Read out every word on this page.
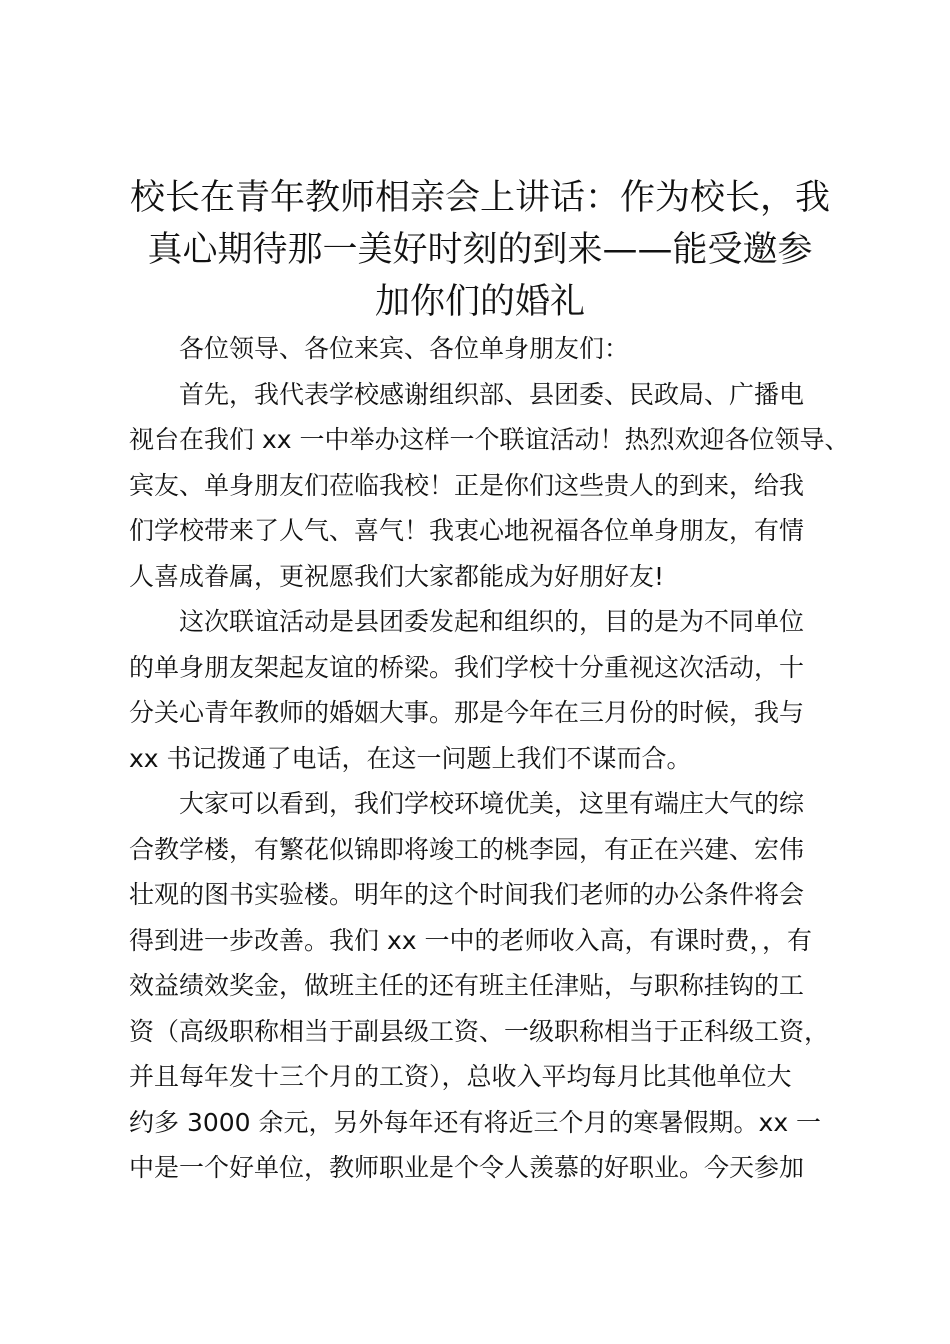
校长在青年教师相亲会上讲话：作为校长，我
真心期待那一美好时刻的到来——能受邀参
加你们的婚礼
各位领导、各位来宾、各位单身朋友们：
首先，我代表学校感谢组织部、县团委、民政局、广播电
视台在我们 xx 一中举办这样一个联谊活动！热烈欢迎各位领导、
宾友、单身朋友们莅临我校！正是你们这些贵人的到来，给我
们学校带来了人气、喜气！我衷心地祝福各位单身朋友，有情
人喜成眷属，更祝愿我们大家都能成为好朋好友!
这次联谊活动是县团委发起和组织的，目的是为不同单位
的单身朋友架起友谊的桥梁。我们学校十分重视这次活动，十
分关心青年教师的婚姻大事。那是今年在三月份的时候，我与
xx 书记拨通了电话，在这一问题上我们不谋而合。
大家可以看到，我们学校环境优美，这里有端庄大气的综
合教学楼，有繁花似锦即将竣工的桃李园，有正在兴建、宏伟
壮观的图书实验楼。明年的这个时间我们老师的办公条件将会
得到进一步改善。我们 xx 一中的老师收入高，有课时费，，有
效益绩效奖金，做班主任的还有班主任津贴，与职称挂钩的工
资（高级职称相当于副县级工资、一级职称相当于正科级工资，
并且每年发十三个月的工资），总收入平均每月比其他单位大
约多 3000 余元，另外每年还有将近三个月的寒暑假期。xx 一
中是一个好单位，教师职业是个令人羡慕的好职业。今天参加
